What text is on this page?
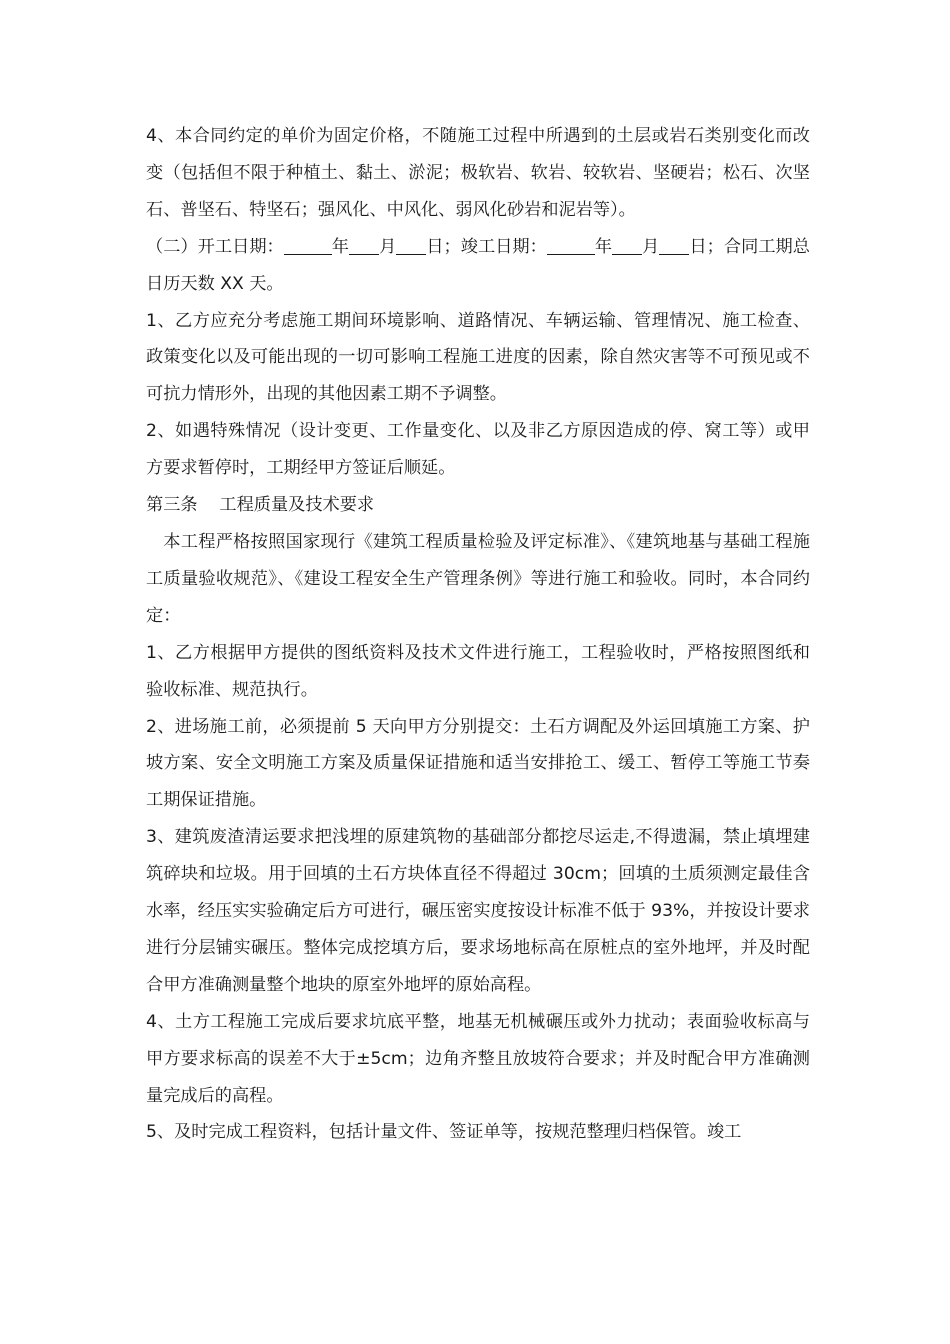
4、本合同约定的单价为固定价格，不随施工过程中所遇到的土层或岩石类别变化而改变（包括但不限于种植土、黏土、淤泥；极软岩、软岩、较软岩、坚硬岩；松石、次坚石、普坚石、特坚石；强风化、中风化、弱风化砂岩和泥岩等）。

（二）开工日期：	年 月 日；竣工日期：	年 月 日；合同工期总日历天数 XX 天。

1、乙方应充分考虑施工期间环境影响、道路情况、车辆运输、管理情况、施工检查、政策变化以及可能出现的一切可影响工程施工进度的因素，除自然灾害等不可预见或不可抗力情形外，出现的其他因素工期不予调整。

2、如遇特殊情况（设计变更、工作量变化、以及非乙方原因造成的停、窝工等）或甲方要求暂停时，工期经甲方签证后顺延。

第三条    工程质量及技术要求

本工程严格按照国家现行《建筑工程质量检验及评定标准》、《建筑地基与基础工程施工质量验收规范》、《建设工程安全生产管理条例》等进行施工和验收。同时，本合同约定：

1、乙方根据甲方提供的图纸资料及技术文件进行施工，工程验收时，严格按照图纸和验收标准、规范执行。

2、进场施工前，必须提前 5 天向甲方分别提交：土石方调配及外运回填施工方案、护坡方案、安全文明施工方案及质量保证措施和适当安排抢工、缓工、暂停工等施工节奏工期保证措施。

3、建筑废渣清运要求把浅埋的原建筑物的基础部分都挖尽运走,不得遗漏，禁止填埋建筑碎块和垃圾。用于回填的土石方块体直径不得超过 30cm；回填的土质须测定最佳含水率，经压实实验确定后方可进行，碾压密实度按设计标准不低于 93%，并按设计要求进行分层铺实碾压。整体完成挖填方后，要求场地标高在原桩点的室外地坪，并及时配合甲方准确测量整个地块的原室外地坪的原始高程。

4、土方工程施工完成后要求坑底平整，地基无机械碾压或外力扰动；表面验收标高与甲方要求标高的误差不大于±5cm；边角齐整且放坡符合要求；并及时配合甲方准确测量完成后的高程。

5、及时完成工程资料，包括计量文件、签证单等，按规范整理归档保管。竣工
